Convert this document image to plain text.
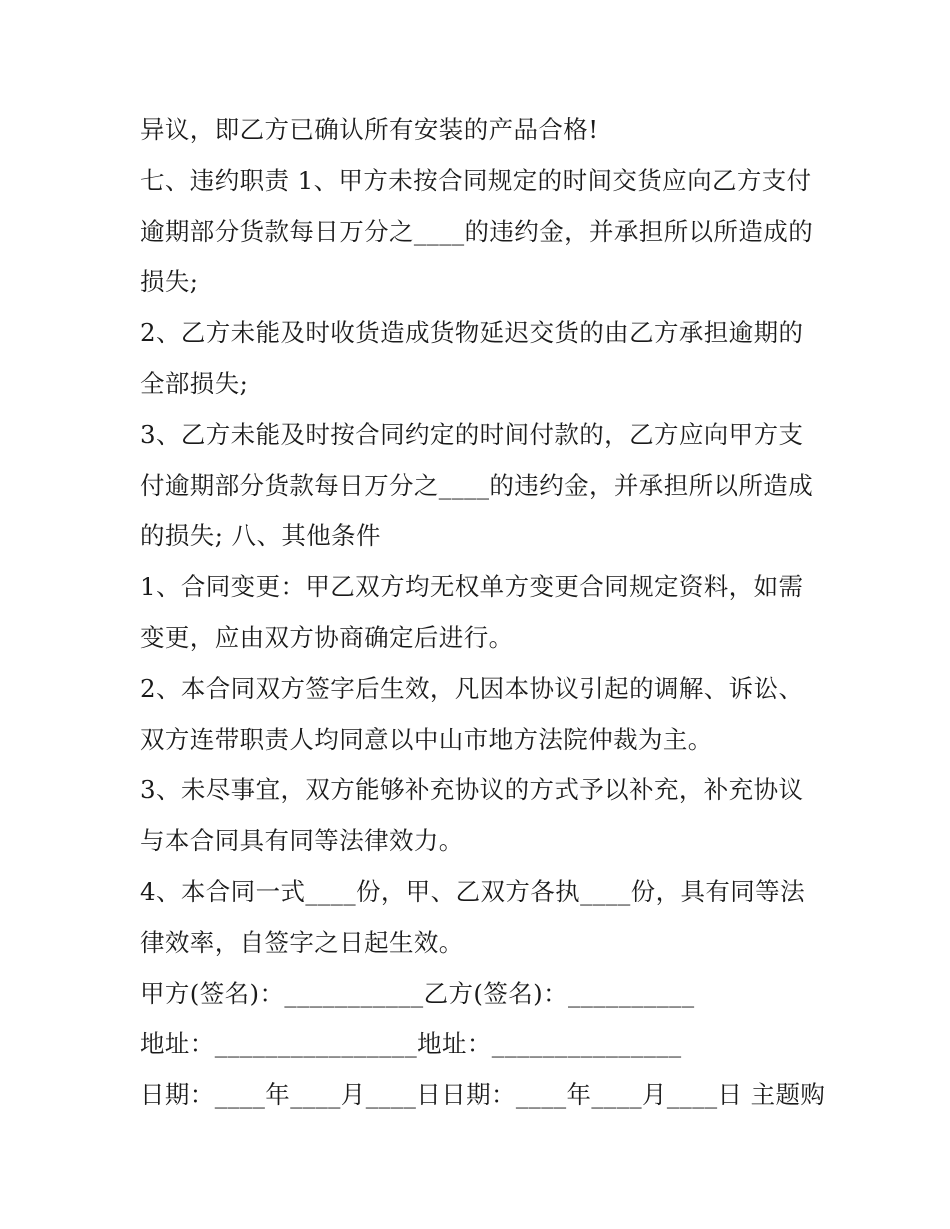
异议，即乙方已确认所有安装的产品合格!
七、违约职责 1、甲方未按合同规定的时间交货应向乙方支付
逾期部分货款每日万分之____的违约金，并承担所以所造成的
损失;
2、乙方未能及时收货造成货物延迟交货的由乙方承担逾期的
全部损失;
3、乙方未能及时按合同约定的时间付款的，乙方应向甲方支
付逾期部分货款每日万分之____的违约金，并承担所以所造成
的损失; 八、其他条件
1、合同变更：甲乙双方均无权单方变更合同规定资料，如需
变更，应由双方协商确定后进行。
2、本合同双方签字后生效，凡因本协议引起的调解、诉讼、
双方连带职责人均同意以中山市地方法院仲裁为主。
3、未尽事宜，双方能够补充协议的方式予以补充，补充协议
与本合同具有同等法律效力。
4、本合同一式____份，甲、乙双方各执____份，具有同等法
律效率，自签字之日起生效。
甲方(签名)：___________乙方(签名)：__________
地址：________________地址：_______________
日期：____年____月____日日期：____年____月____日 主题购
